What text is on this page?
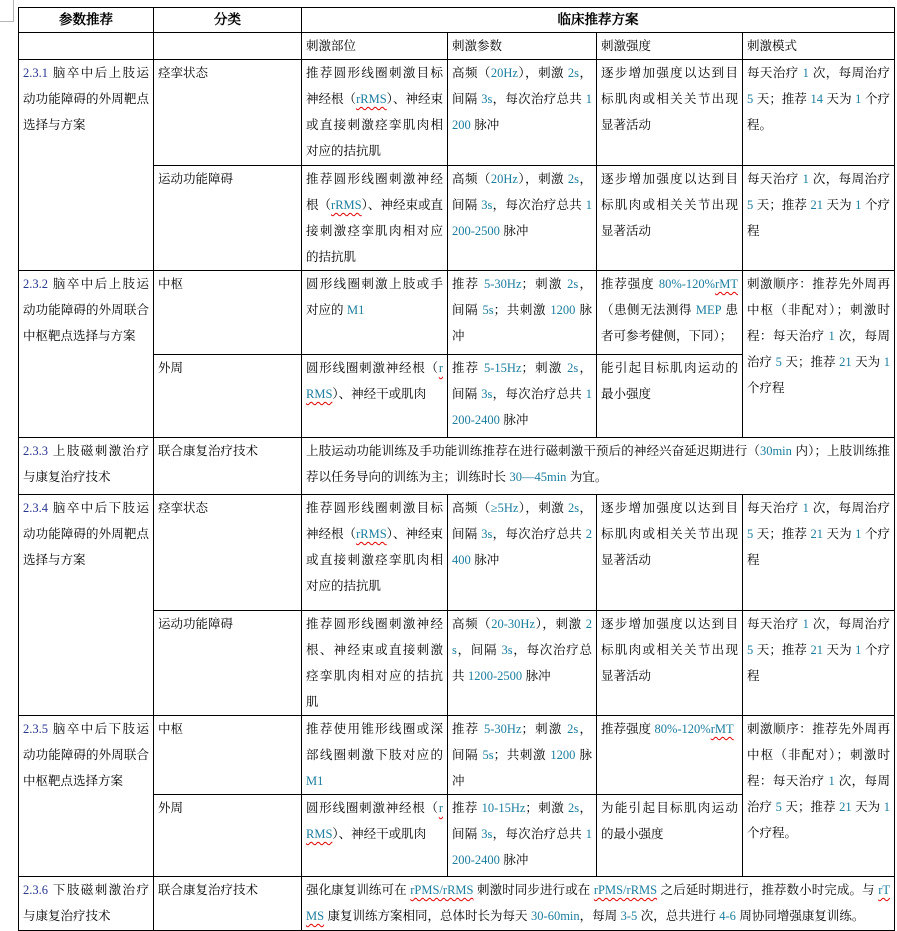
参数推荐	分类	临床推荐方案			
		刺激部位	刺激参数	刺激强度	刺激模式
2.3.1 脑卒中后上肢运动功能障碍的外周靶点选择与方案	痉挛状态	推荐圆形线圈刺激目标神经根（rRMS）、神经束或直接刺激痉挛肌肉相对应的拮抗肌	高频（20Hz），刺激 2s，间隔 3s，每次治疗总共 1200 脉冲	逐步增加强度以达到目标肌肉或相关关节出现显著活动	每天治疗 1 次，每周治疗 5 天；推荐 14 天为 1 个疗程。
	运动功能障碍	推荐圆形线圈刺激神经根（rRMS）、神经束或直接刺激痉挛肌肉相对应的拮抗肌	高频（20Hz），刺激 2s，间隔 3s，每次治疗总共 1200-2500 脉冲	逐步增加强度以达到目标肌肉或相关关节出现显著活动	每天治疗 1 次，每周治疗 5 天；推荐 21 天为 1 个疗程
2.3.2 脑卒中后上肢运动功能障碍的外周联合中枢靶点选择与方案	中枢	圆形线圈刺激上肢或手对应的 M1	推荐 5-30Hz；刺激 2s，间隔 5s；共刺激 1200 脉冲	推荐强度 80%-120%rMT（患侧无法测得 MEP 患者可参考健侧，下同）；	刺激顺序：推荐先外周再中枢（非配对）；刺激时程：每天治疗 1 次，每周治疗 5 天；推荐 21 天为 1 个疗程
	外周	圆形线圈刺激神经根（rRMS）、神经干或肌肉	推荐 5-15Hz；刺激 2s，间隔 3s，每次治疗总共 1200-2400 脉冲	能引起目标肌肉运动的最小强度	
2.3.3 上肢磁刺激治疗与康复治疗技术	联合康复治疗技术	上肢运动功能训练及手功能训练推荐在进行磁刺激干预后的神经兴奋延迟期进行（30min 内）；上肢训练推荐以任务导向的训练为主；训练时长 30—45min 为宜。			
2.3.4 脑卒中后下肢运动功能障碍的外周靶点选择与方案	痉挛状态	推荐圆形线圈刺激目标神经根（rRMS）、神经束或直接刺激痉挛肌肉相对应的拮抗肌	高频（≥5Hz），刺激 2s，间隔 3s，每次治疗总共 2400 脉冲	逐步增加强度以达到目标肌肉或相关关节出现显著活动	每天治疗 1 次，每周治疗 5 天；推荐 21 天为 1 个疗程
	运动功能障碍	推荐圆形线圈刺激神经根、神经束或直接刺激痉挛肌肉相对应的拮抗肌	高频（20-30Hz），刺激 2s，间隔 3s，每次治疗总共 1200-2500 脉冲	逐步增加强度以达到目标肌肉或相关关节出现显著活动	每天治疗 1 次，每周治疗 5 天；推荐 21 天为 1 个疗程
2.3.5 脑卒中后下肢运动功能障碍的外周联合中枢靶点选择方案	中枢	推荐使用锥形线圈或深部线圈刺激下肢对应的 M1	推荐 5-30Hz；刺激 2s，间隔 5s；共刺激 1200 脉冲	推荐强度 80%-120%rMT	刺激顺序：推荐先外周再中枢（非配对）；刺激时程：每天治疗 1 次，每周治疗 5 天；推荐 21 天为 1 个疗程。
	外周	圆形线圈刺激神经根（rRMS）、神经干或肌肉	推荐 10-15Hz；刺激 2s，间隔 3s，每次治疗总共 1200-2400 脉冲	为能引起目标肌肉运动的最小强度	
2.3.6 下肢磁刺激治疗与康复治疗技术	联合康复治疗技术	强化康复训练可在 rPMS/rRMS 刺激时同步进行或在 rPMS/rRMS 之后延时期进行，推荐数小时完成。与 rTMS 康复训练方案相同，总体时长为每天 30-60min，每周 3-5 次，总共进行 4-6 周协同增强康复训练。			
